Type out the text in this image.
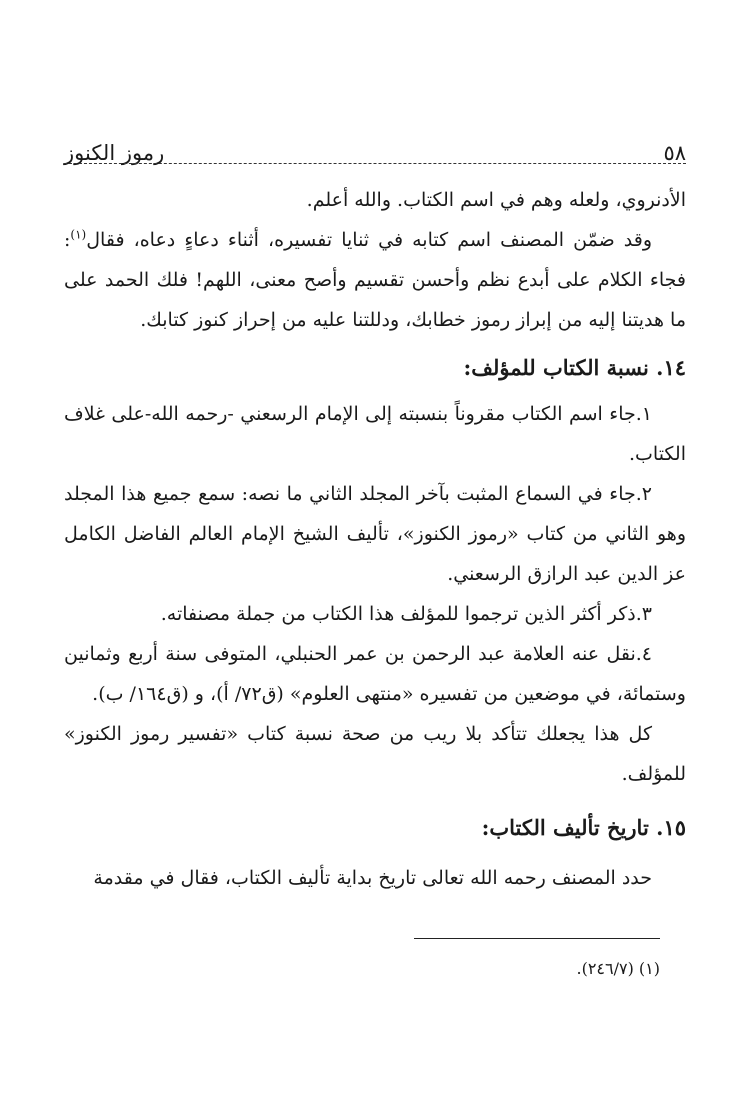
٥٨
رموز الكنوز

الأدنروي، ولعله وهم في اسم الكتاب. والله أعلم.

وقد ضمّن المصنف اسم كتابه في ثنايا تفسيره، أثناء دعاءٍ دعاه، فقال$^{(١)}$: فجاء الكلام على أبدع نظم وأحسن تقسيم وأصح معنى، اللهم! فلك الحمد على ما هديتنا إليه من إبراز رموز خطابك، ودللتنا عليه من إحراز كنوز كتابك.

١٤. نسبة الكتاب للمؤلف:

١.جاء اسم الكتاب مقروناً بنسبته إلى الإمام الرسعني -رحمه الله-على غلاف الكتاب.

٢.جاء في السماع المثبت بآخر المجلد الثاني ما نصه: سمع جميع هذا المجلد وهو الثاني من كتاب «رموز الكنوز»، تأليف الشيخ الإمام العالم الفاضل الكامل عز الدين عبد الرازق الرسعني.

٣.ذكر أكثر الذين ترجموا للمؤلف هذا الكتاب من جملة مصنفاته.

٤.نقل عنه العلامة عبد الرحمن بن عمر الحنبلي، المتوفى سنة أربع وثمانين وستمائة، في موضعين من تفسيره «منتهى العلوم» (ق٧٢/ أ)، و (ق١٦٤/ ب).

كل هذا يجعلك تتأكد بلا ريب من صحة نسبة كتاب «تفسير رموز الكنوز» للمؤلف.

١٥. تاريخ تأليف الكتاب:

حدد المصنف رحمه الله تعالى تاريخ بداية تأليف الكتاب، فقال في مقدمة

(١) (٢٤٦/٧).
